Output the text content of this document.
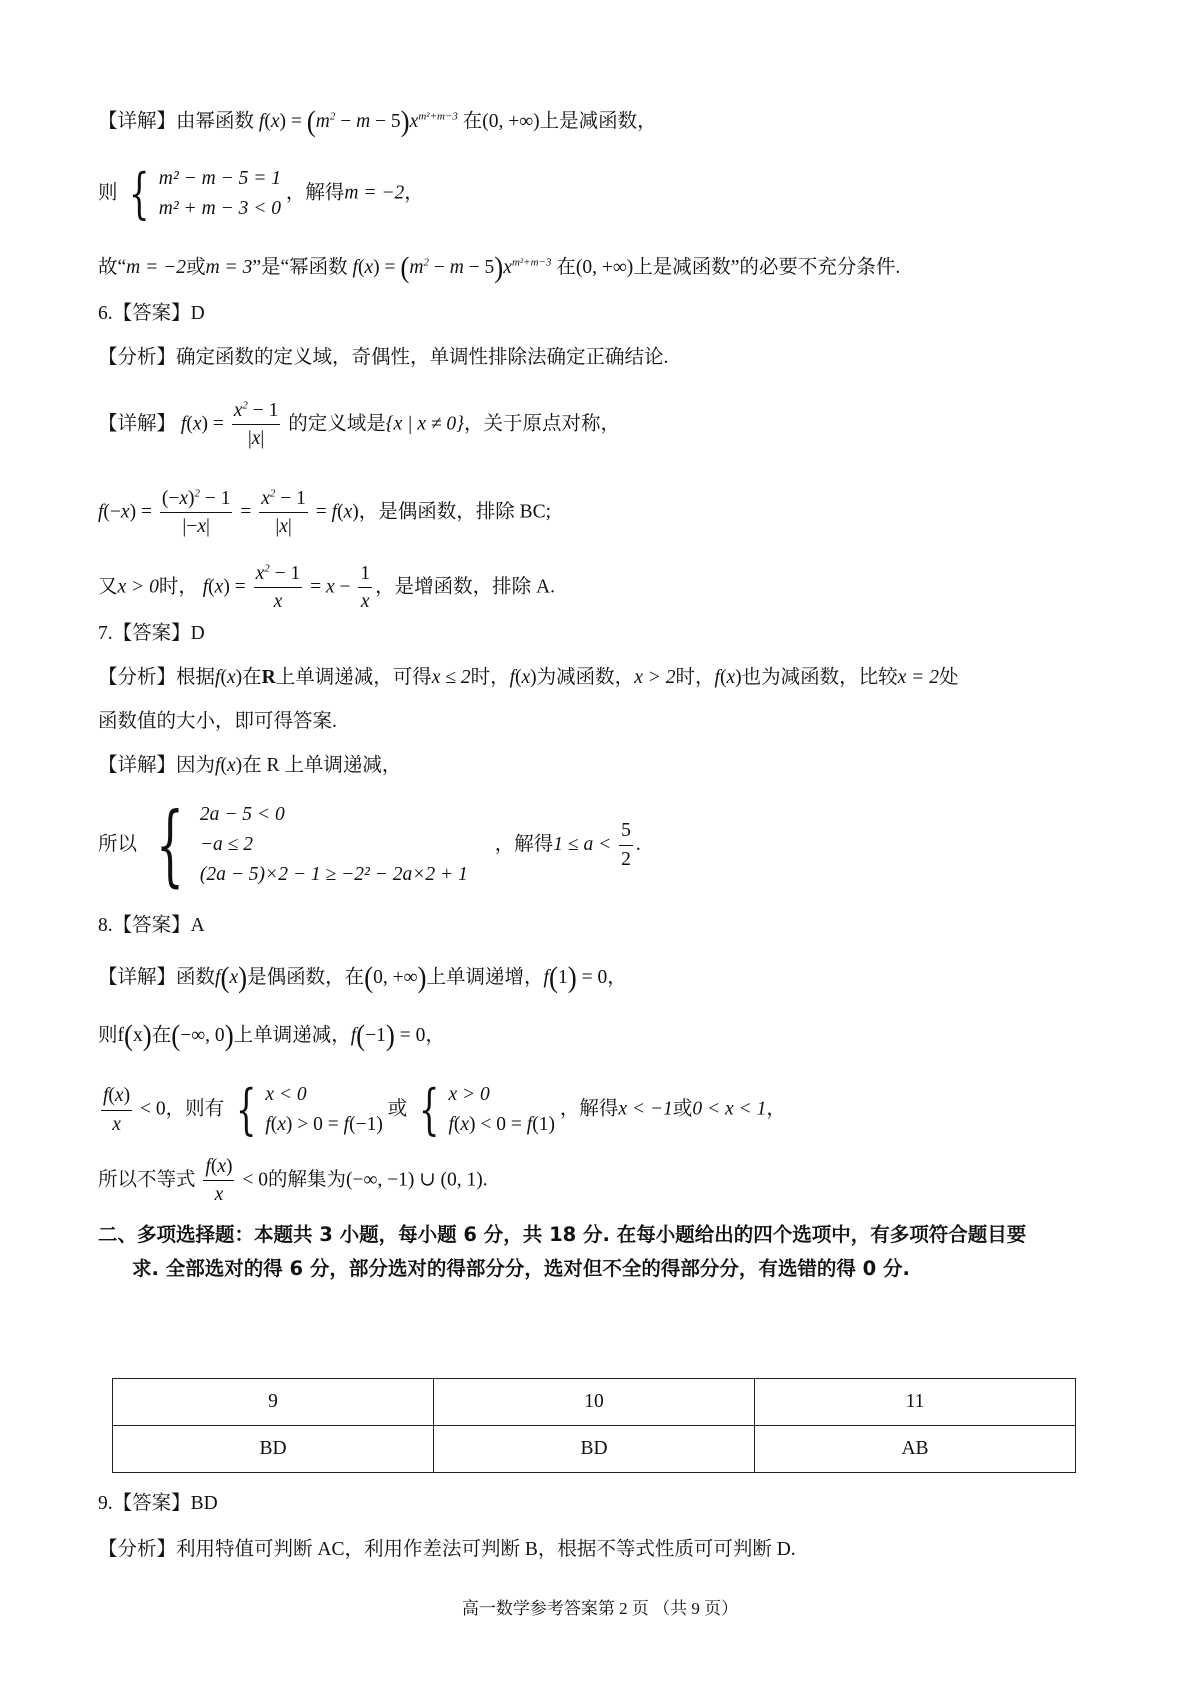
【详解】由幂函数 $f(x) = (m^2 - m - 5)x^{m^2+m-3}$ 在(0, +∞)上是减函数，
则 { m² − m − 5 = 1
m² + m − 3 < 0
，解得m = −2，
故“m = −2或m = 3”是“幂函数 $f(x) = (m^2 - m - 5)x^{m^2+m-3}$ 在(0, +∞)上是减函数”的必要不充分条件.
6.【答案】D
【分析】确定函数的定义域，奇偶性，单调性排除法确定正确结论.
【详解】 $f(x) = \frac{x^2 - 1}{|x|}$ 的定义域是{x | x ≠ 0}，关于原点对称，
$f(-x) = \frac{(-x)^2 - 1}{|-x|} = \frac{x^2 - 1}{|x|} = f(x)$，是偶函数，排除 BC;
又x > 0时， $f(x) = \frac{x^2 - 1}{x} = x - \frac{1}{x}$ ，是增函数，排除 A.
7.【答案】D
【分析】根据f(x)在R上单调递减，可得x ≤ 2时，f(x)为减函数，x > 2时，f(x)也为减函数，比较x = 2处
函数值的大小，即可得答案.
【详解】因为f(x)在 R 上单调递减，
所以 { 2a − 5 < 0
−a ≤ 2
(2a − 5)×2 − 1 ≥ −2² − 2a×2 + 1
，解得$1 \le a < \frac{5}{2}$ .
8.【答案】A
【详解】函数f(x)是偶函数，在(0, +∞)上单调递增，f(1) = 0，
则f(x)在(−∞, 0)上单调递减，f(−1) = 0，
$\frac{f(x)}{x} < 0$，则有 { x < 0
f(x) > 0 = f(−1)
或 { x > 0
f(x) < 0 = f(1)
，解得x < −1或0 < x < 1，
所以不等式 $\frac{f(x)}{x} < 0$的解集为(−∞, −1) ∪ (0, 1).
二、多项选择题：本题共 3 小题，每小题 6 分，共 18 分. 在每小题给出的四个选项中，有多项符合题目要
求. 全部选对的得 6 分，部分选对的得部分分，选对但不全的得部分分，有选错的得 0 分.
9	10	11
BD	BD	AB
9.【答案】BD
【分析】利用特值可判断 AC，利用作差法可判断 B，根据不等式性质可可判断 D.
高一数学参考答案第 2 页 （共 9 页）
